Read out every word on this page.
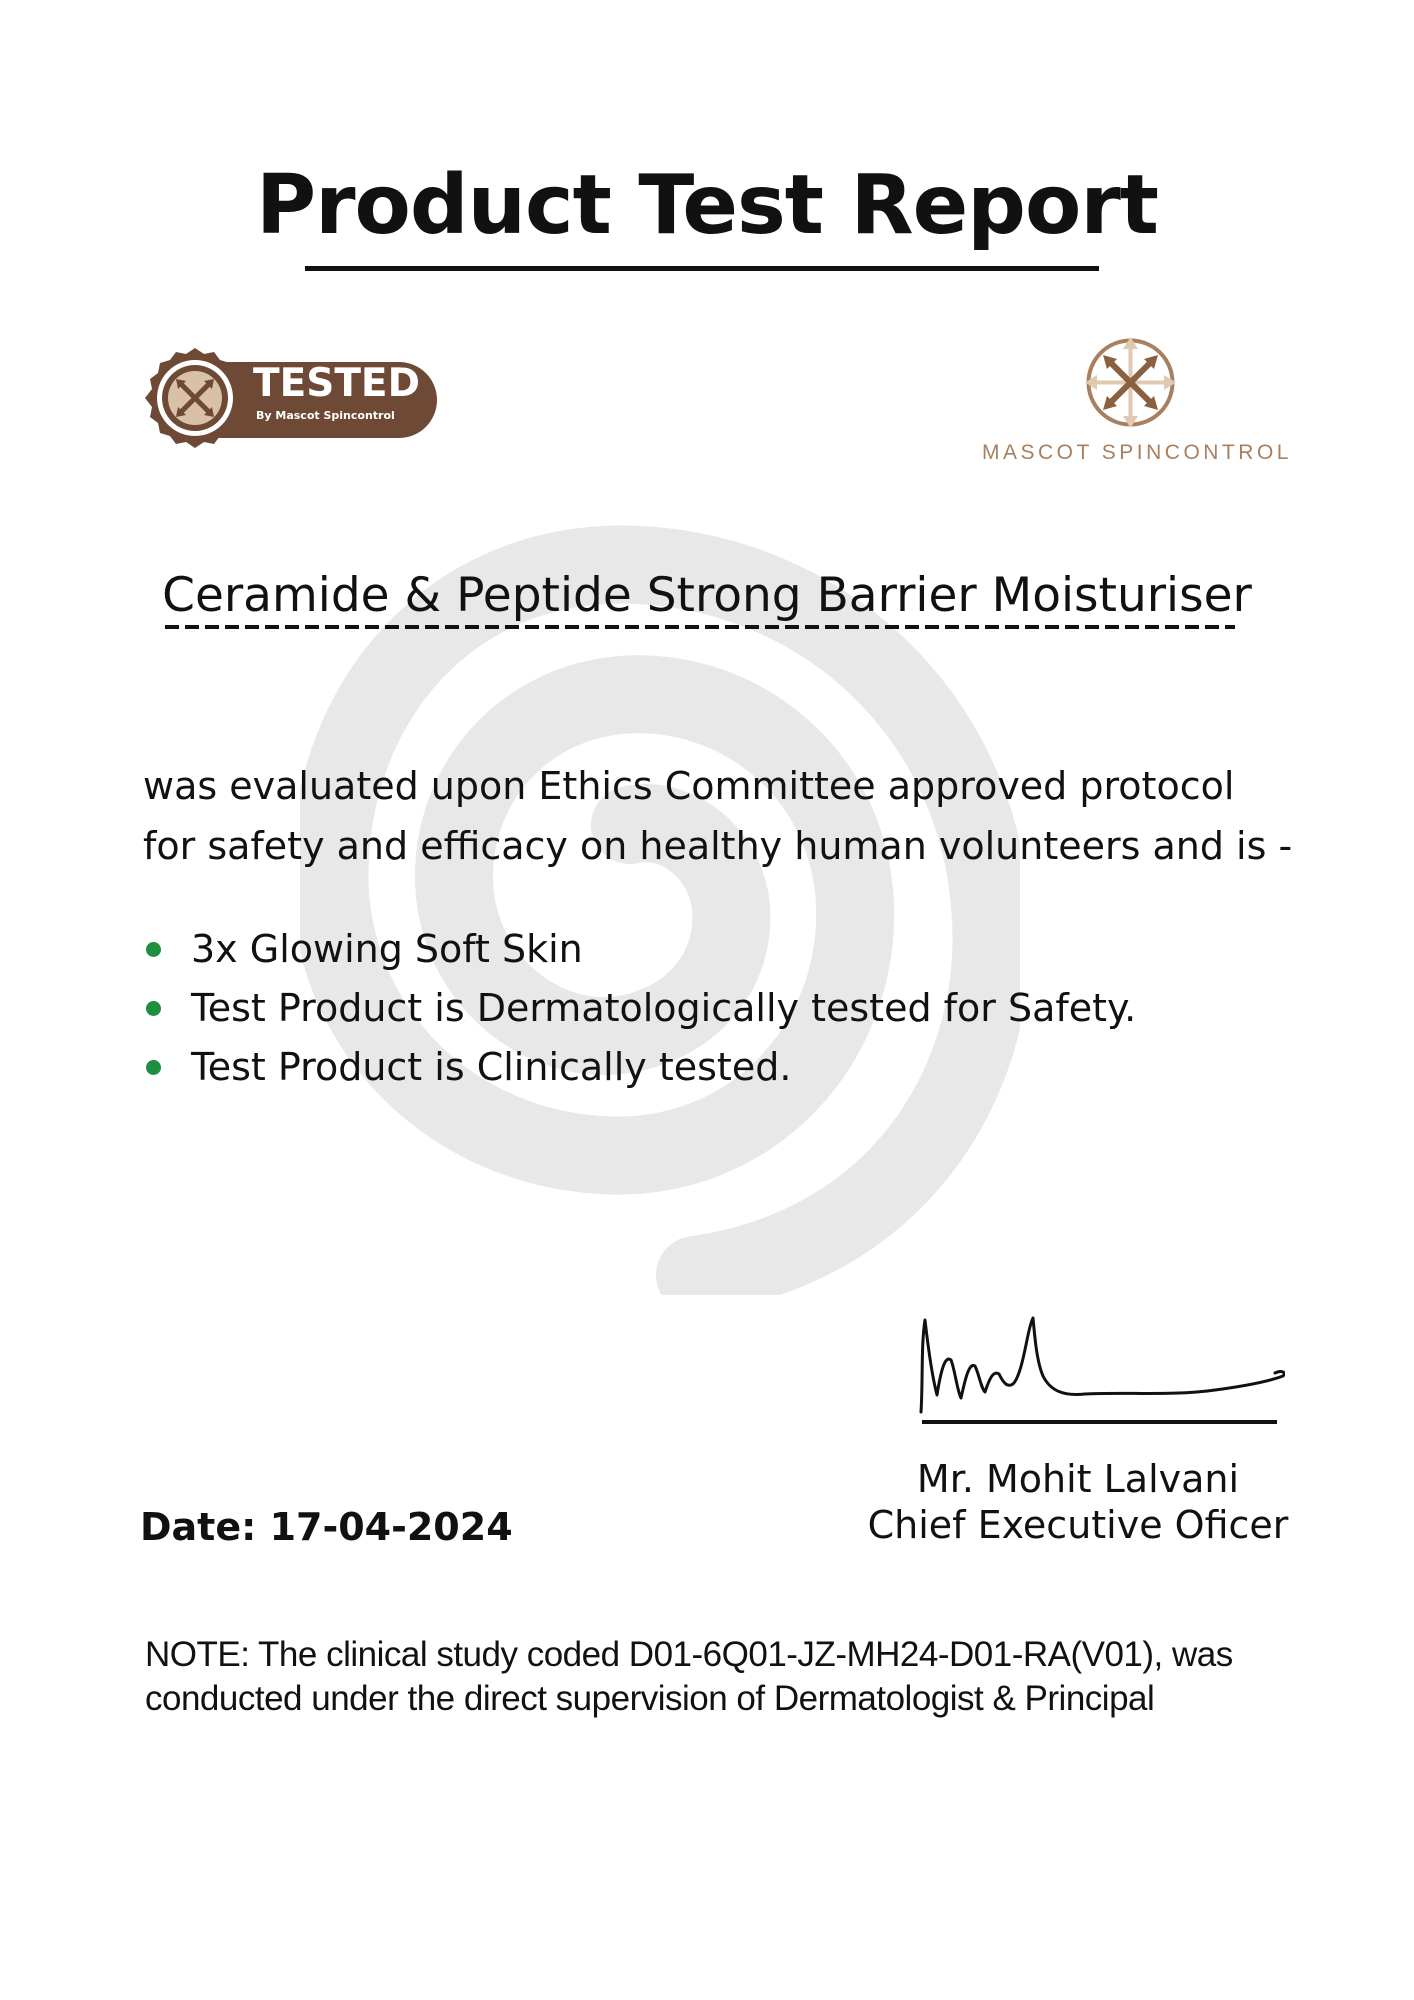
Product Test Report
TESTED
By Mascot Spincontrol
MASCOT SPINCONTROL
Ceramide & Peptide Strong Barrier Moisturiser

was evaluated upon Ethics Committee approved protocol
for safety and efficacy on healthy human volunteers and is -

3x Glowing Soft Skin
Test Product is Dermatologically tested for Safety.
Test Product is Clinically tested.
Mr. Mohit Lalvani
Chief Executive Oficer
Date: 17-04-2024

NOTE: The clinical study coded D01-6Q01-JZ-MH24-D01-RA(V01), was
conducted under the direct supervision of Dermatologist & Principal
